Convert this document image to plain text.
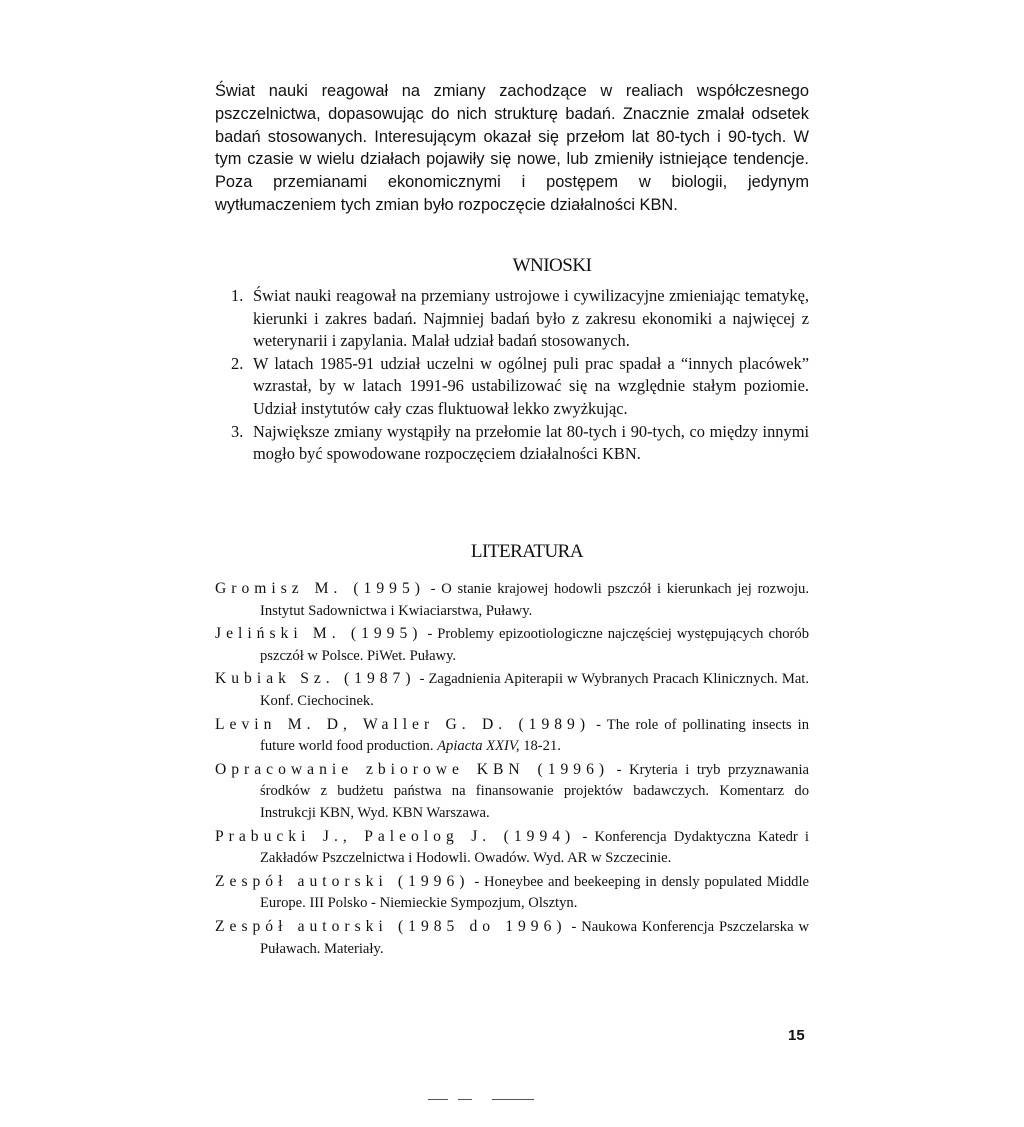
Świat nauki reagował na zmiany zachodzące w realiach współczesnego pszczelnictwa, dopasowując do nich strukturę badań. Znacznie zmalał odsetek badań stosowanych. Interesującym okazał się przełom lat 80-tych i 90-tych. W tym czasie w wielu działach pojawiły się nowe, lub zmieniły istniejące tendencje. Poza przemianami ekonomicznymi i postępem w biologii, jedynym wytłumaczeniem tych zmian było rozpoczęcie działalności KBN.

WNIOSKI
1. Świat nauki reagował na przemiany ustrojowe i cywilizacyjne zmieniając tematykę, kierunki i zakres badań. Najmniej badań było z zakresu ekonomiki a najwięcej z weterynarii i zapylania. Malał udział badań stosowanych.
2. W latach 1985-91 udział uczelni w ogólnej puli prac spadał a “innych placówek” wzrastał, by w latach 1991-96 ustabilizować się na względnie stałym poziomie. Udział instytutów cały czas fluktuował lekko zwyżkując.
3. Największe zmiany wystąpiły na przełomie lat 80-tych i 90-tych, co między innymi mogło być spowodowane rozpoczęciem działalności KBN.
LITERATURA
Gromisz M. (1995) - O stanie krajowej hodowli pszczół i kierunkach jej rozwoju. Instytut Sadownictwa i Kwiaciarstwa, Puławy.
Jeliński M. (1995) - Problemy epizootiologiczne najczęściej występujących chorób pszczół w Polsce. PiWet. Puławy.
Kubiak Sz. (1987) - Zagadnienia Apiterapii w Wybranych Pracach Klinicznych. Mat. Konf. Ciechocinek.
Levin M. D, Waller G. D. (1989) - The role of pollinating insects in future world food production. Apiacta XXIV, 18-21.
Opracowanie zbiorowe KBN (1996) - Kryteria i tryb przyznawania środków z budżetu państwa na finansowanie projektów badawczych. Komentarz do Instrukcji KBN, Wyd. KBN Warszawa.
Prabucki J., Paleolog J. (1994) - Konferencja Dydaktyczna Katedr i Zakładów Pszczelnictwa i Hodowli. Owadów. Wyd. AR w Szczecinie.
Zespół autorski (1996) - Honeybee and beekeeping in densly populated Middle Europe. III Polsko - Niemieckie Sympozjum, Olsztyn.
Zespół autorski (1985 do 1996) - Naukowa Konferencja Pszczelarska w Puławach. Materiały.
15
